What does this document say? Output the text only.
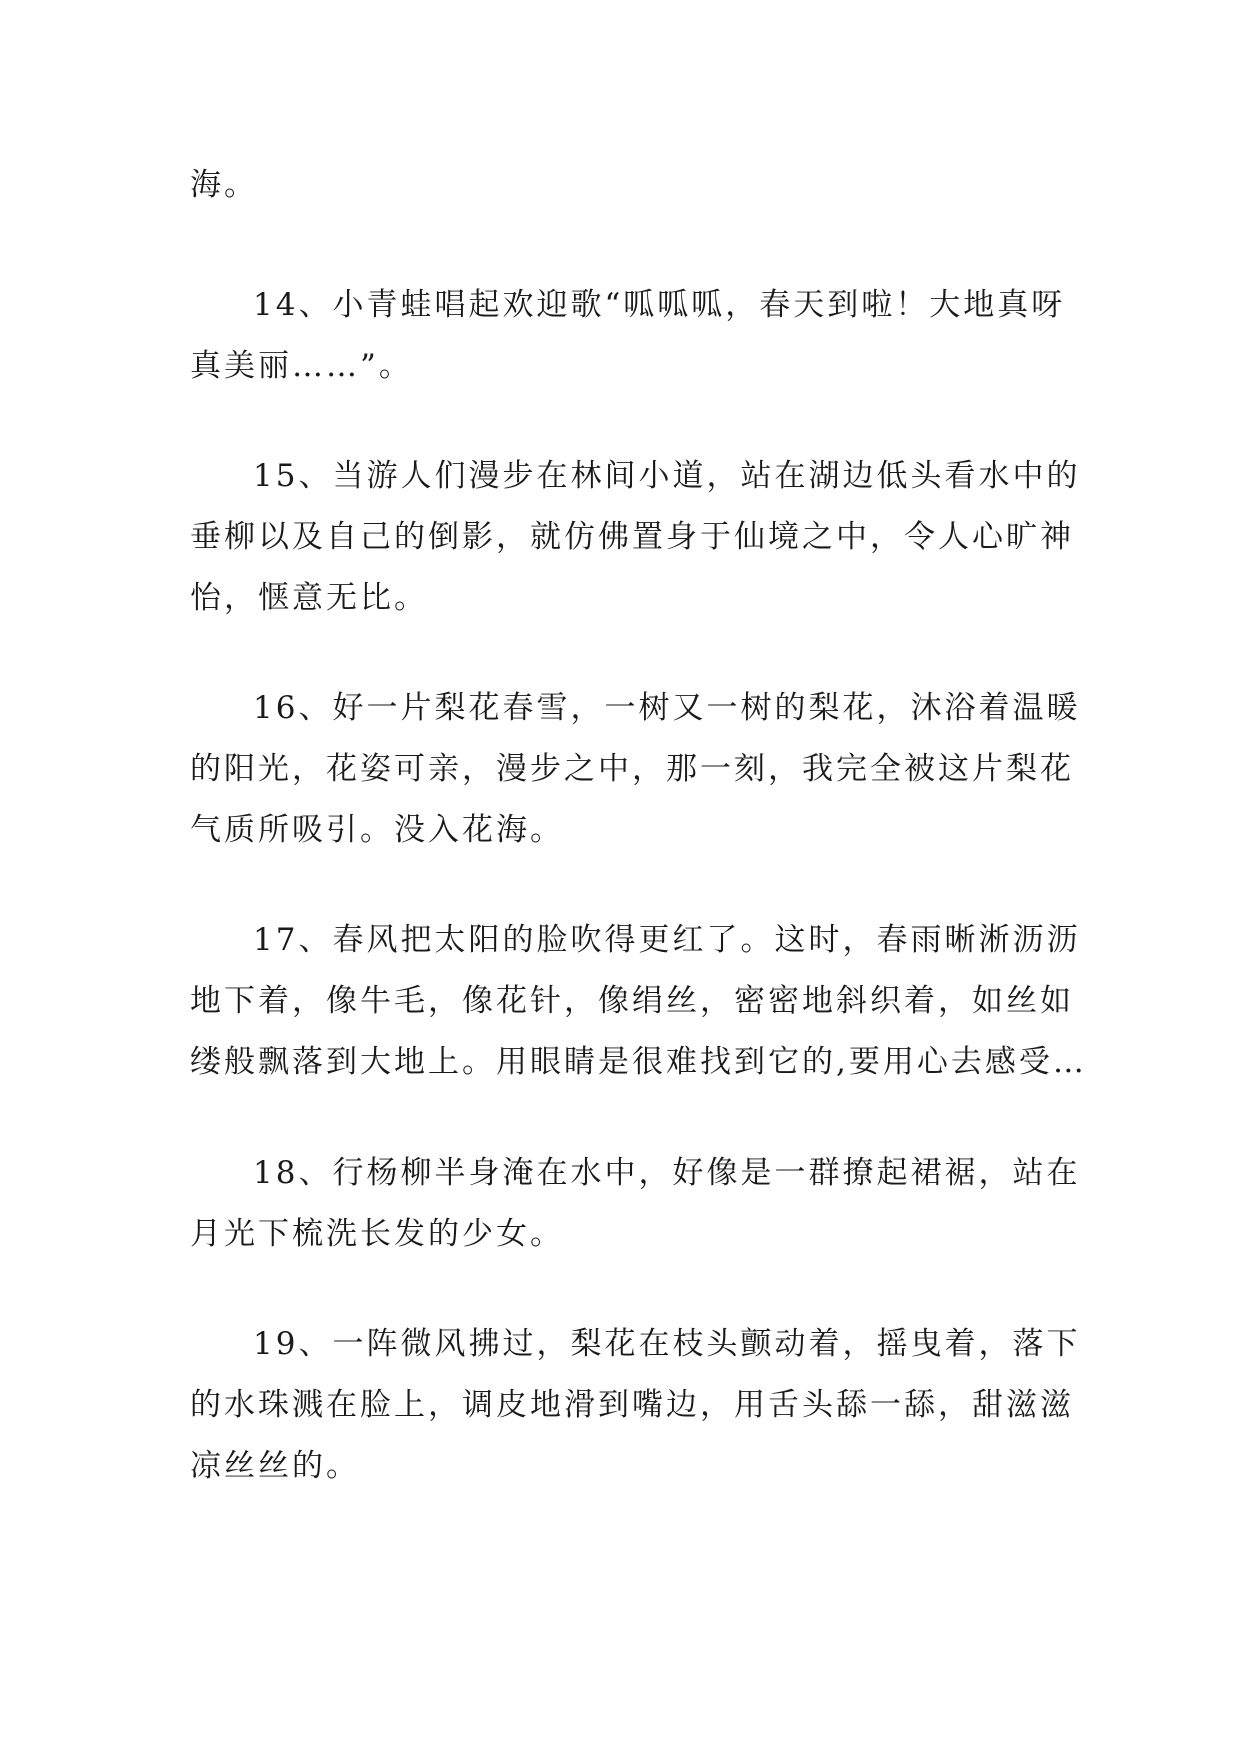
海。

14、小青蛙唱起欢迎歌“呱呱呱，春天到啦！大地真呀
真美丽……”。

15、当游人们漫步在林间小道，站在湖边低头看水中的
垂柳以及自己的倒影，就仿佛置身于仙境之中，令人心旷神
怡，惬意无比。

16、好一片梨花春雪，一树又一树的梨花，沐浴着温暖
的阳光，花姿可亲，漫步之中，那一刻，我完全被这片梨花
气质所吸引。没入花海。

17、春风把太阳的脸吹得更红了。这时，春雨晰淅沥沥
地下着，像牛毛，像花针，像绢丝，密密地斜织着，如丝如
缕般飘落到大地上。用眼睛是很难找到它的,要用心去感受…

18、行杨柳半身淹在水中，好像是一群撩起裙裾，站在
月光下梳洗长发的少女。

19、一阵微风拂过，梨花在枝头颤动着，摇曳着，落下
的水珠溅在脸上，调皮地滑到嘴边，用舌头舔一舔，甜滋滋
凉丝丝的。
